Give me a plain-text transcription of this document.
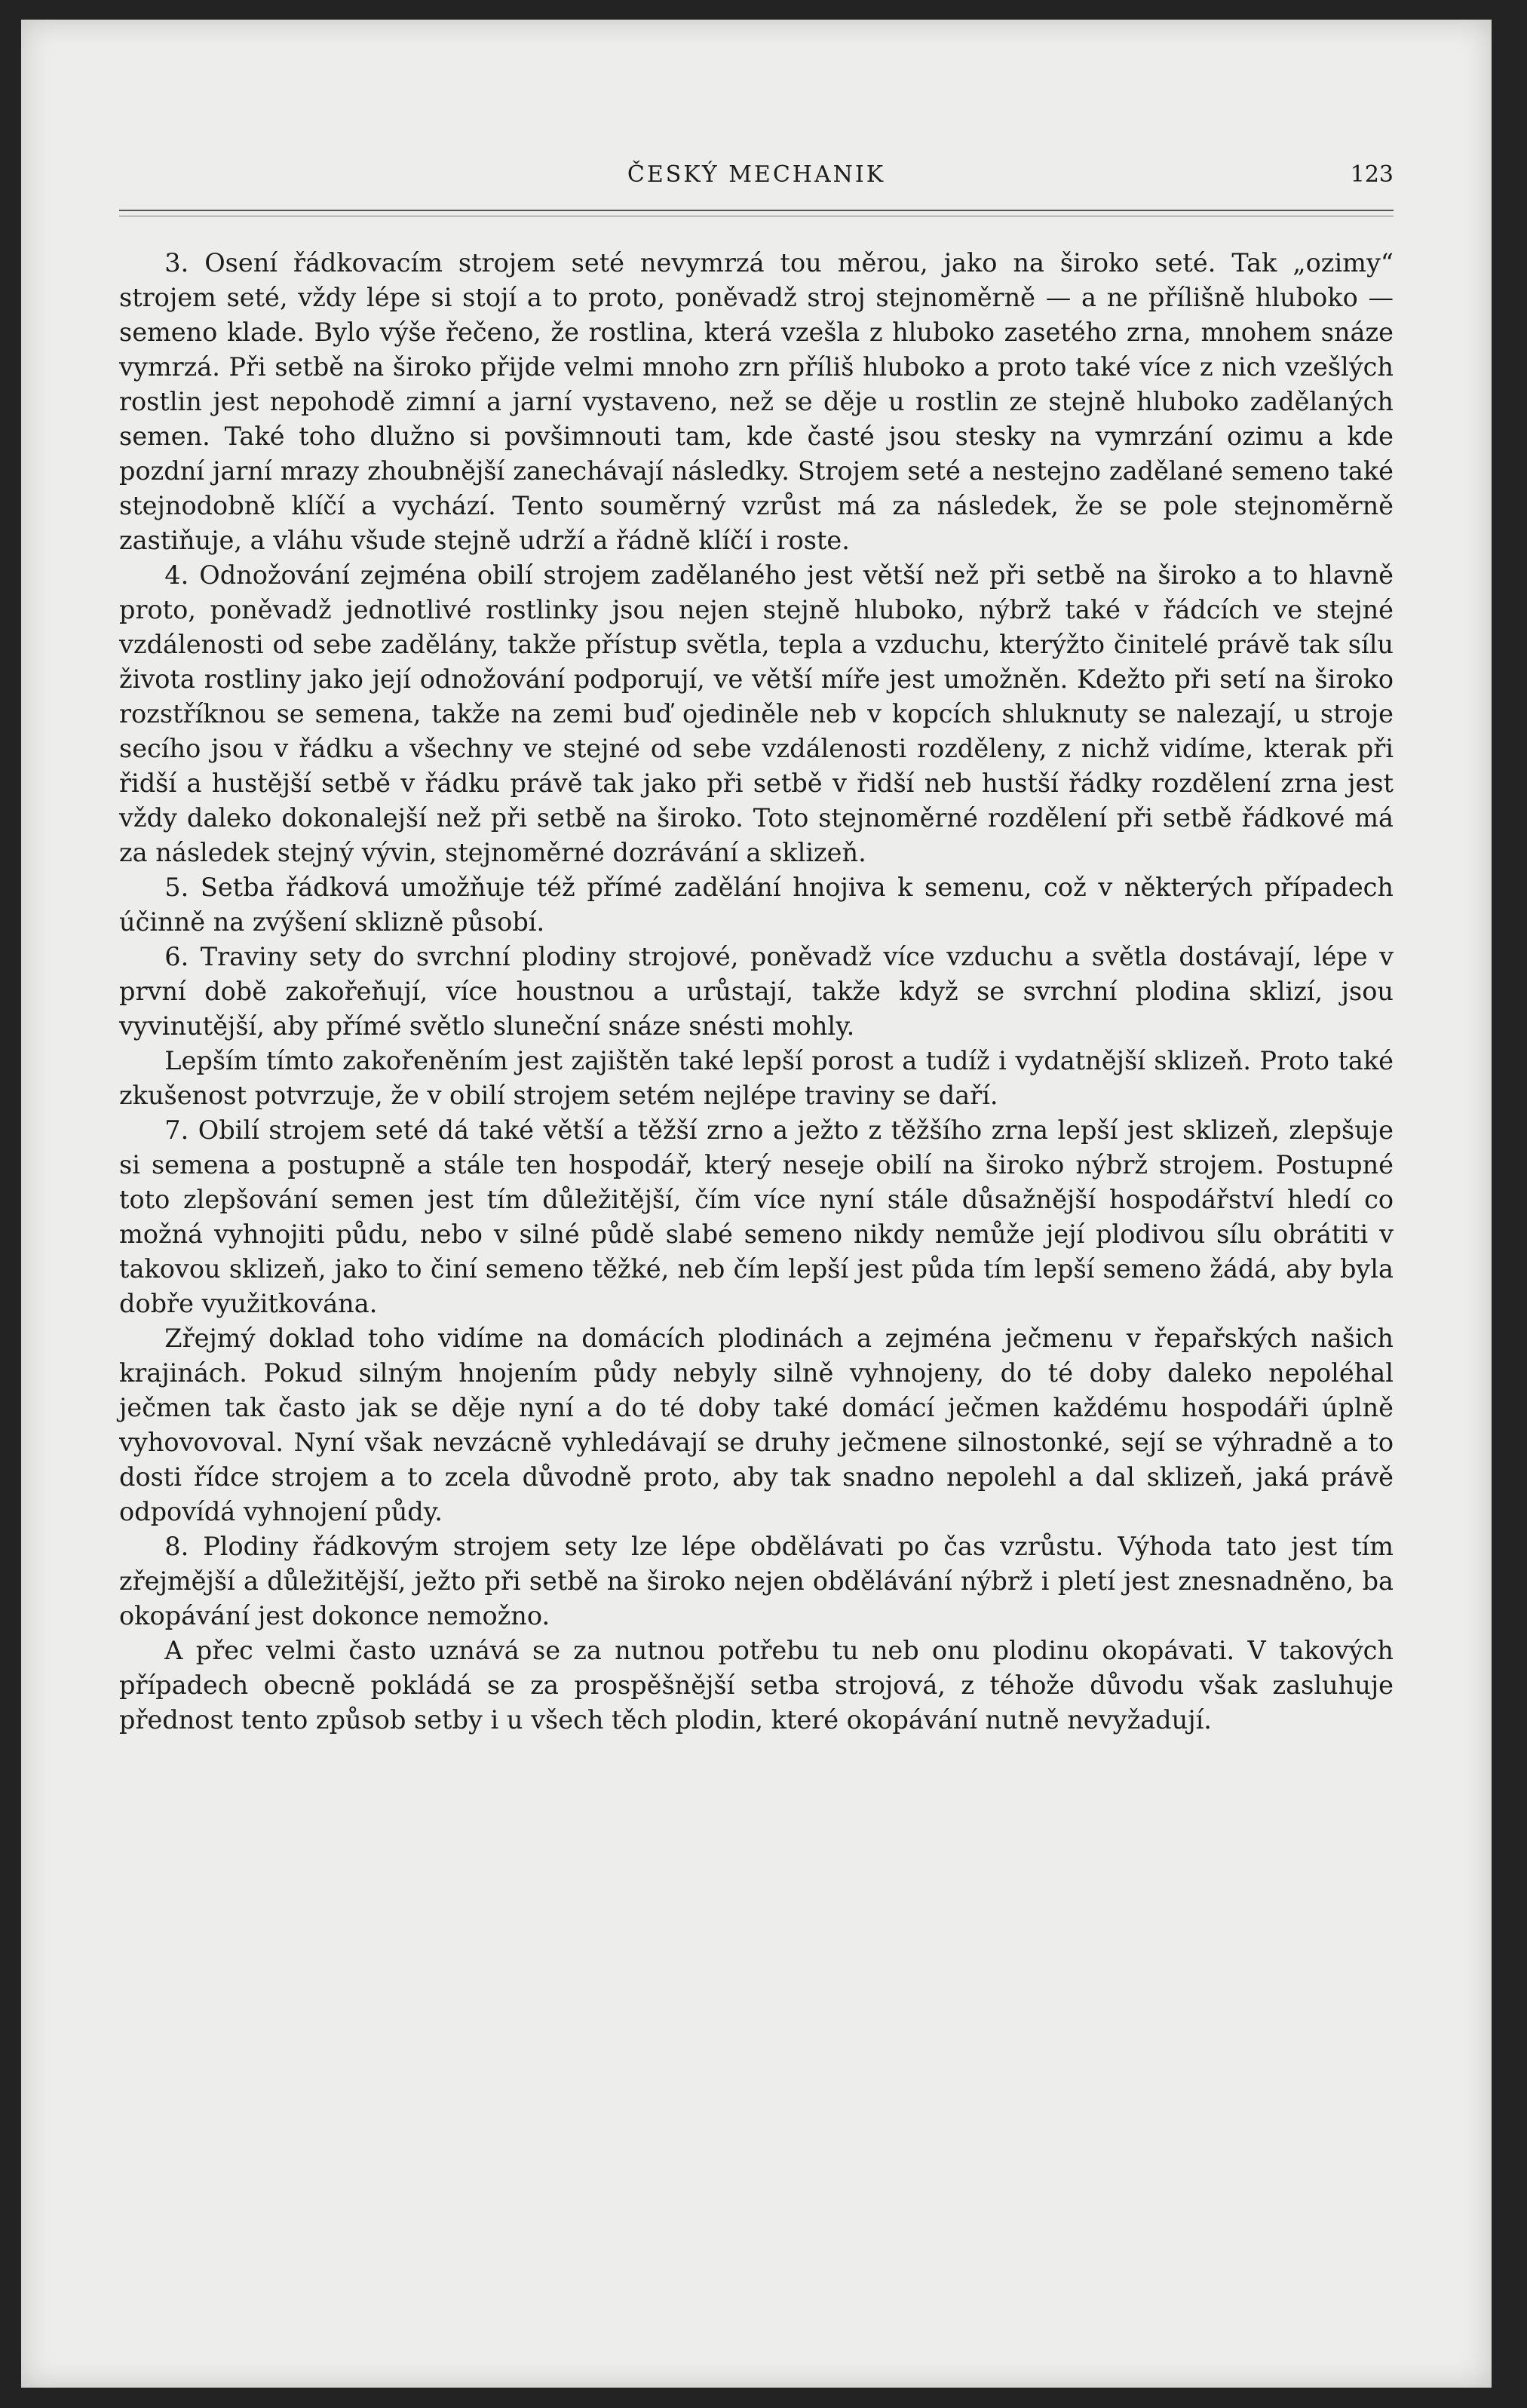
ČESKÝ MECHANIK	123

3. Osení řádkovacím strojem seté nevymrzá tou měrou, jako na široko seté. Tak „ozimy“ strojem seté, vždy lépe si stojí a to proto, poněvadž stroj stejnoměrně — a ne přílišně hluboko — semeno klade. Bylo výše řečeno, že rostlina, která vzešla z hluboko zasetého zrna, mnohem snáze vymrzá. Při setbě na široko přijde velmi mnoho zrn příliš hluboko a proto také více z nich vzešlých rostlin jest nepohodě zimní a jarní vystaveno, než se děje u rostlin ze stejně hluboko zadělaných semen. Také toho dlužno si povšimnouti tam, kde časté jsou stesky na vymrzání ozimu a kde pozdní jarní mrazy zhoubnější zanechávají následky. Strojem seté a nestejno zadělané semeno také stejnodobně klíčí a vychází. Tento souměrný vzrůst má za následek, že se pole stejnoměrně zastiňuje, a vláhu všude stejně udrží a řádně klíčí i roste.

4. Odnožování zejména obilí strojem zadělaného jest větší než při setbě na široko a to hlavně proto, poněvadž jednotlivé rostlinky jsou nejen stejně hluboko, nýbrž také v řádcích ve stejné vzdálenosti od sebe zadělány, takže přístup světla, tepla a vzduchu, kterýžto činitelé právě tak sílu života rostliny jako její odnožování podporují, ve větší míře jest umožněn. Kdežto při setí na široko rozstříknou se semena, takže na zemi buď ojediněle neb v kopcích shluknuty se nalezají, u stroje secího jsou v řádku a všechny ve stejné od sebe vzdálenosti rozděleny, z nichž vidíme, kterak při řidší a hustější setbě v řádku právě tak jako při setbě v řidší neb hustší řádky rozdělení zrna jest vždy daleko dokonalejší než při setbě na široko. Toto stejnoměrné rozdělení při setbě řádkové má za následek stejný vývin, stejnoměrné dozrávání a sklizeň.

5. Setba řádková umožňuje též přímé zadělání hnojiva k semenu, což v některých případech účinně na zvýšení sklizně působí.

6. Traviny sety do svrchní plodiny strojové, poněvadž více vzduchu a světla dostávají, lépe v první době zakořeňují, více houstnou a urůstají, takže když se svrchní plodina sklizí, jsou vyvinutější, aby přímé světlo sluneční snáze snésti mohly.

Lepším tímto zakořeněním jest zajištěn také lepší porost a tudíž i vydatnější sklizeň. Proto také zkušenost potvrzuje, že v obilí strojem setém nejlépe traviny se daří.

7. Obilí strojem seté dá také větší a těžší zrno a ježto z těžšího zrna lepší jest sklizeň, zlepšuje si semena a postupně a stále ten hospodář, který neseje obilí na široko nýbrž strojem. Postupné toto zlepšování semen jest tím důležitější, čím více nyní stále důsažnější hospodářství hledí co možná vyhnojiti půdu, nebo v silné půdě slabé semeno nikdy nemůže její plodivou sílu obrátiti v takovou sklizeň, jako to činí semeno těžké, neb čím lepší jest půda tím lepší semeno žádá, aby byla dobře využitkována.

Zřejmý doklad toho vidíme na domácích plodinách a zejména ječmenu v řepařských našich krajinách. Pokud silným hnojením půdy nebyly silně vyhnojeny, do té doby daleko nepoléhal ječmen tak často jak se děje nyní a do té doby také domácí ječmen každému hospodáři úplně vyhovovoval. Nyní však nevzácně vyhledávají se druhy ječmene silnostonké, sejí se výhradně a to dosti řídce strojem a to zcela důvodně proto, aby tak snadno nepolehl a dal sklizeň, jaká právě odpovídá vyhnojení půdy.

8. Plodiny řádkovým strojem sety lze lépe obdělávati po čas vzrůstu. Výhoda tato jest tím zřejmější a důležitější, ježto při setbě na široko nejen obdělávání nýbrž i pletí jest znesnadněno, ba okopávání jest dokonce nemožno.

A přec velmi často uznává se za nutnou potřebu tu neb onu plodinu okopávati. V takových případech obecně pokládá se za prospěšnější setba strojová, z téhože důvodu však zasluhuje přednost tento způsob setby i u všech těch plodin, které okopávání nutně nevyžadují.
